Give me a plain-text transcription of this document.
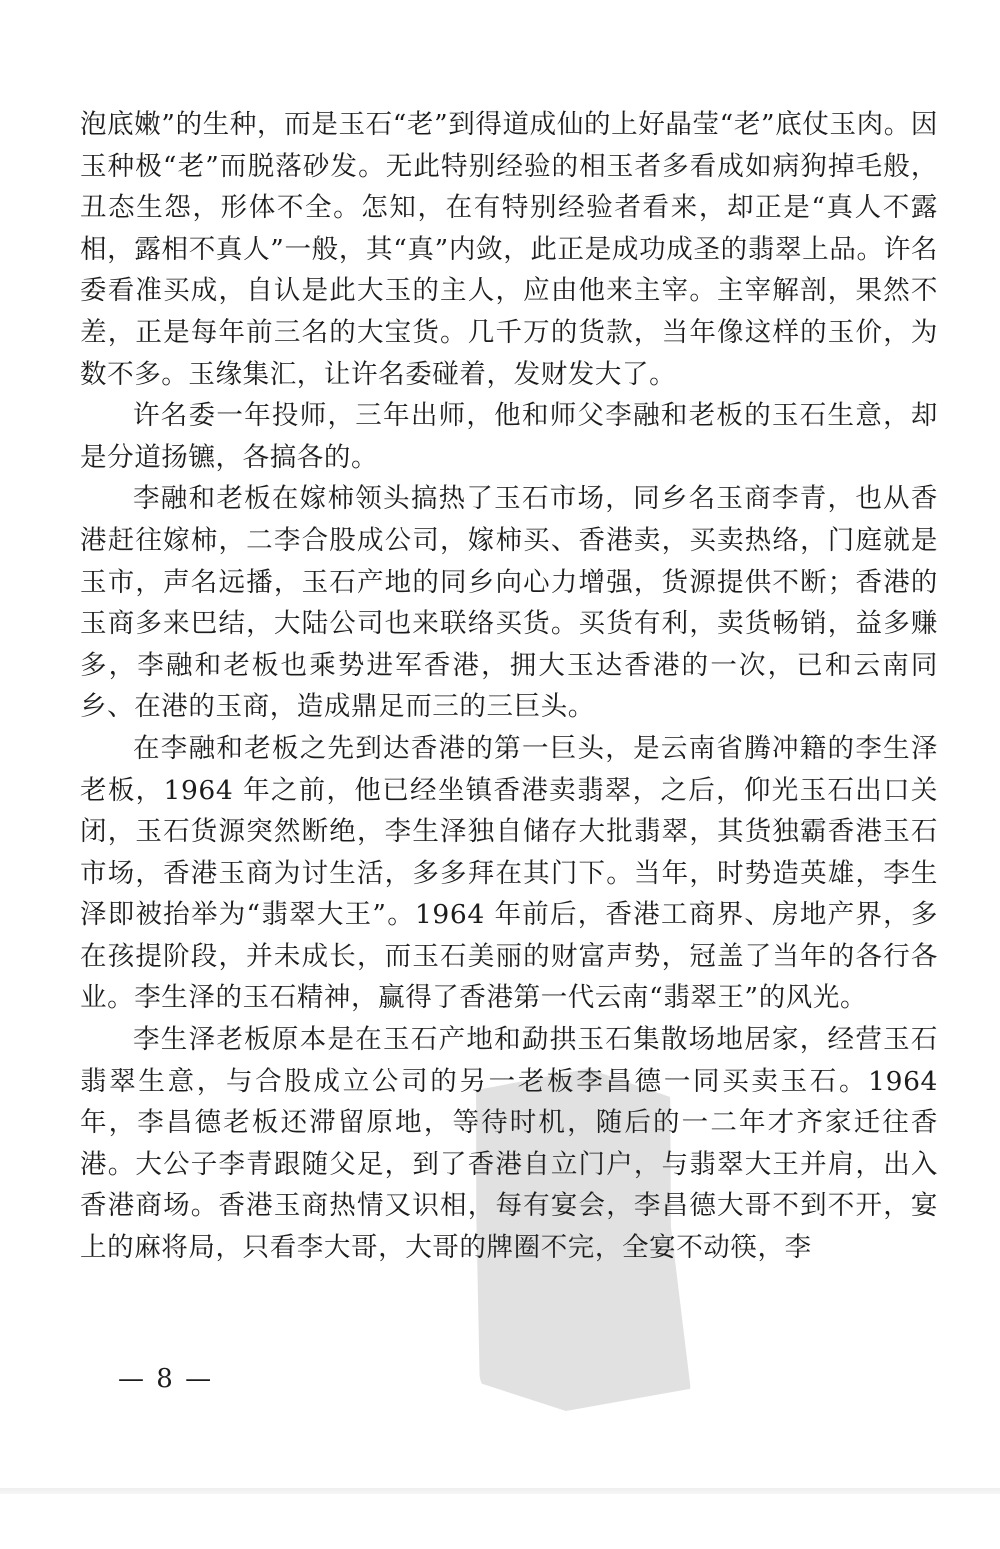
泡底嫩”的生种，而是玉石“老”到得道成仙的上好晶莹“老”底仗玉肉。因玉种极“老”而脱落砂发。无此特别经验的相玉者多看成如病狗掉毛般，丑态生怨，形体不全。怎知，在有特别经验者看来，却正是“真人不露相，露相不真人”一般，其“真”内敛，此正是成功成圣的翡翠上品。许名委看准买成，自认是此大玉的主人，应由他来主宰。主宰解剖，果然不差，正是每年前三名的大宝货。几千万的货款，当年像这样的玉价，为数不多。玉缘集汇，让许名委碰着，发财发大了。

许名委一年投师，三年出师，他和师父李融和老板的玉石生意，却是分道扬镳，各搞各的。

李融和老板在嫁柿领头搞热了玉石市场，同乡名玉商李青，也从香港赶往嫁柿，二李合股成公司，嫁柿买、香港卖，买卖热络，门庭就是玉市，声名远播，玉石产地的同乡向心力增强，货源提供不断；香港的玉商多来巴结，大陆公司也来联络买货。买货有利，卖货畅销，益多赚多，李融和老板也乘势进军香港，拥大玉达香港的一次，已和云南同乡、在港的玉商，造成鼎足而三的三巨头。

在李融和老板之先到达香港的第一巨头，是云南省腾冲籍的李生泽老板，1964 年之前，他已经坐镇香港卖翡翠，之后，仰光玉石出口关闭，玉石货源突然断绝，李生泽独自储存大批翡翠，其货独霸香港玉石市场，香港玉商为讨生活，多多拜在其门下。当年，时势造英雄，李生泽即被抬举为“翡翠大王”。1964 年前后，香港工商界、房地产界，多在孩提阶段，并未成长，而玉石美丽的财富声势，冠盖了当年的各行各业。李生泽的玉石精神，赢得了香港第一代云南“翡翠王”的风光。

李生泽老板原本是在玉石产地和勐拱玉石集散场地居家，经营玉石翡翠生意，与合股成立公司的另一老板李昌德一同买卖玉石。1964 年，李昌德老板还滞留原地，等待时机，随后的一二年才齐家迁往香港。大公子李青跟随父足，到了香港自立门户，与翡翠大王并肩，出入香港商场。香港玉商热情又识相，每有宴会，李昌德大哥不到不开，宴上的麻将局，只看李大哥，大哥的牌圈不完，全宴不动筷，李

— 8 —
